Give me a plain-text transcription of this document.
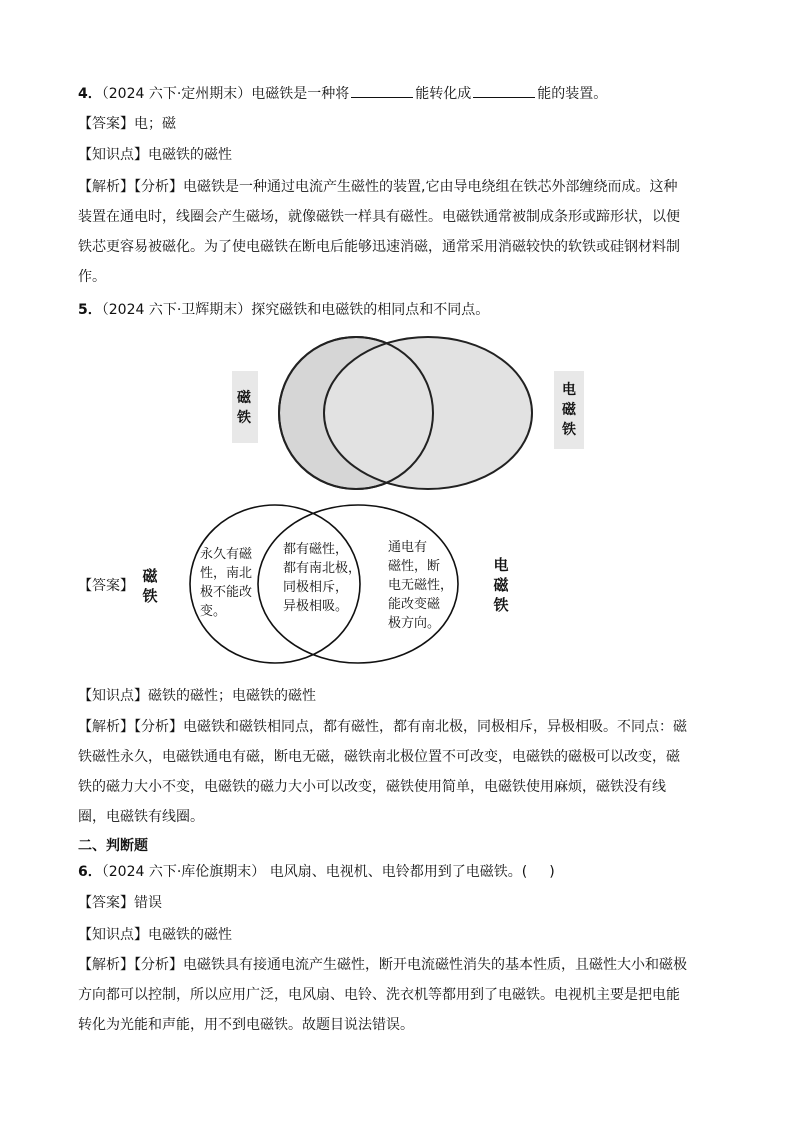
4．（2024 六下·定州期末）电磁铁是一种将	能转化成	能的装置。
【答案】电；磁
【知识点】电磁铁的磁性
【解析】【分析】电磁铁是一种通过电流产生磁性的装置,它由导电绕组在铁芯外部缠绕而成。这种
装置在通电时，线圈会产生磁场，就像磁铁一样具有磁性。电磁铁通常被制成条形或蹄形状，以便
铁芯更容易被磁化。为了使电磁铁在断电后能够迅速消磁，通常采用消磁较快的软铁或硅钢材料制
作。
5．（2024 六下·卫辉期末）探究磁铁和电磁铁的相同点和不同点。
磁
铁
电
磁
铁
【答案】
磁
铁
电
磁
铁
永久有磁
性，南北
极不能改
变。
都有磁性，
都有南北极，
同极相斥，
异极相吸。
通电有
磁性，断
电无磁性，
能改变磁
极方向。
【知识点】磁铁的磁性；电磁铁的磁性
【解析】【分析】电磁铁和磁铁相同点，都有磁性，都有南北极，同极相斥，异极相吸。不同点：磁
铁磁性永久，电磁铁通电有磁，断电无磁，磁铁南北极位置不可改变，电磁铁的磁极可以改变，磁
铁的磁力大小不变，电磁铁的磁力大小可以改变，磁铁使用简单，电磁铁使用麻烦，磁铁没有线
圈，电磁铁有线圈。
二、判断题
6．（2024 六下·库伦旗期末） 电风扇、电视机、电铃都用到了电磁铁。( )
【答案】错误
【知识点】电磁铁的磁性
【解析】【分析】电磁铁具有接通电流产生磁性，断开电流磁性消失的基本性质，且磁性大小和磁极
方向都可以控制，所以应用广泛，电风扇、电铃、洗衣机等都用到了电磁铁。电视机主要是把电能
转化为光能和声能，用不到电磁铁。故题目说法错误。
